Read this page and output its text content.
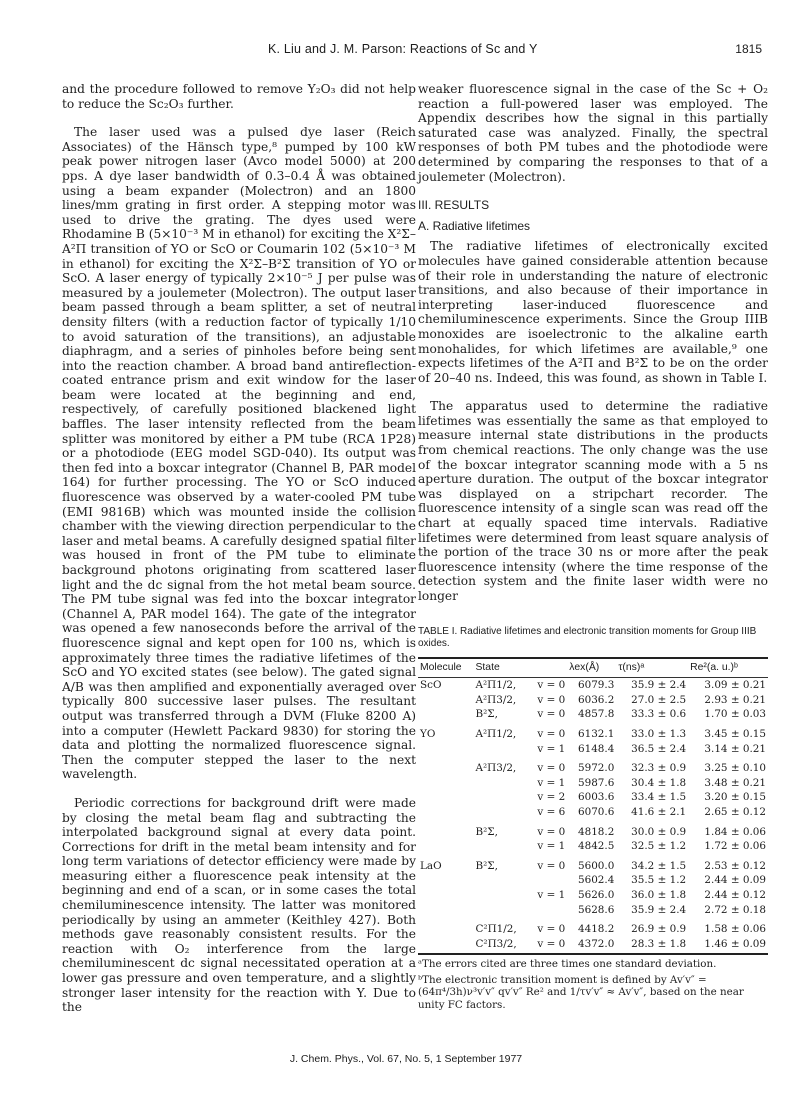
K. Liu and J. M. Parson: Reactions of Sc and Y	1815

and the procedure followed to remove Y₂O₃ did not help to reduce the Sc₂O₃ further.

The laser used was a pulsed dye laser (Reich Associates) of the Hänsch type,⁸ pumped by 100 kW peak power nitrogen laser (Avco model 5000) at 200 pps. A dye laser bandwidth of 0.3–0.4 Å was obtained using a beam expander (Molectron) and an 1800 lines/mm grating in first order. A stepping motor was used to drive the grating. The dyes used were Rhodamine B (5×10⁻³ M in ethanol) for exciting the X²Σ–A²Π transition of YO or ScO or Coumarin 102 (5×10⁻³ M in ethanol) for exciting the X²Σ–B²Σ transition of YO or ScO. A laser energy of typically 2×10⁻⁵ J per pulse was measured by a joulemeter (Molectron). The output laser beam passed through a beam splitter, a set of neutral density filters (with a reduction factor of typically 1/10 to avoid saturation of the transitions), an adjustable diaphragm, and a series of pinholes before being sent into the reaction chamber. A broad band antireflection-coated entrance prism and exit window for the laser beam were located at the beginning and end, respectively, of carefully positioned blackened light baffles. The laser intensity reflected from the beam splitter was monitored by either a PM tube (RCA 1P28) or a photodiode (EEG model SGD-040). Its output was then fed into a boxcar integrator (Channel B, PAR model 164) for further processing. The YO or ScO induced fluorescence was observed by a water-cooled PM tube (EMI 9816B) which was mounted inside the collision chamber with the viewing direction perpendicular to the laser and metal beams. A carefully designed spatial filter was housed in front of the PM tube to eliminate background photons originating from scattered laser light and the dc signal from the hot metal beam source. The PM tube signal was fed into the boxcar integrator (Channel A, PAR model 164). The gate of the integrator was opened a few nanoseconds before the arrival of the fluorescence signal and kept open for 100 ns, which is approximately three times the radiative lifetimes of the ScO and YO excited states (see below). The gated signal A/B was then amplified and exponentially averaged over typically 800 successive laser pulses. The resultant output was transferred through a DVM (Fluke 8200 A) into a computer (Hewlett Packard 9830) for storing the data and plotting the normalized fluorescence signal. Then the computer stepped the laser to the next wavelength.

Periodic corrections for background drift were made by closing the metal beam flag and subtracting the interpolated background signal at every data point. Corrections for drift in the metal beam intensity and for long term variations of detector efficiency were made by measuring either a fluorescence peak intensity at the beginning and end of a scan, or in some cases the total chemiluminescence intensity. The latter was monitored periodically by using an ammeter (Keithley 427). Both methods gave reasonably consistent results. For the reaction with O₂ interference from the large chemiluminescent dc signal necessitated operation at a lower gas pressure and oven temperature, and a slightly stronger laser intensity for the reaction with Y. Due to the

weaker fluorescence signal in the case of the Sc + O₂ reaction a full-powered laser was employed. The Appendix describes how the signal in this partially saturated case was analyzed. Finally, the spectral responses of both PM tubes and the photodiode were determined by comparing the responses to that of a joulemeter (Molectron).

III. RESULTS
A. Radiative lifetimes

The radiative lifetimes of electronically excited molecules have gained considerable attention because of their role in understanding the nature of electronic transitions, and also because of their importance in interpreting laser-induced fluorescence and chemiluminescence experiments. Since the Group IIIB monoxides are isoelectronic to the alkaline earth monohalides, for which lifetimes are available,⁹ one expects lifetimes of the A²Π and B²Σ to be on the order of 20–40 ns. Indeed, this was found, as shown in Table I.

The apparatus used to determine the radiative lifetimes was essentially the same as that employed to measure internal state distributions in the products from chemical reactions. The only change was the use of the boxcar integrator scanning mode with a 5 ns aperture duration. The output of the boxcar integrator was displayed on a stripchart recorder. The fluorescence intensity of a single scan was read off the chart at equally spaced time intervals. Radiative lifetimes were determined from least square analysis of the portion of the trace 30 ns or more after the peak fluorescence intensity (where the time response of the detection system and the finite laser width were no longer

TABLE I. Radiative lifetimes and electronic transition moments for Group IIIB oxides.
Molecule	State		λex(Å)	τ(ns)ᵃ	Re²(a. u.)ᵇ
ScO	A²Π1/2,	v = 0	6079.3	35.9 ± 2.4	3.09 ± 0.21
	A²Π3/2,	v = 0	6036.2	27.0 ± 2.5	2.93 ± 0.21
	B²Σ,	v = 0	4857.8	33.3 ± 0.6	1.70 ± 0.03
YO	A²Π1/2,	v = 0	6132.1	33.0 ± 1.3	3.45 ± 0.15
		v = 1	6148.4	36.5 ± 2.4	3.14 ± 0.21
	A²Π3/2,	v = 0	5972.0	32.3 ± 0.9	3.25 ± 0.10
		v = 1	5987.6	30.4 ± 1.8	3.48 ± 0.21
		v = 2	6003.6	33.4 ± 1.5	3.20 ± 0.15
		v = 6	6070.6	41.6 ± 2.1	2.65 ± 0.12
	B²Σ,	v = 0	4818.2	30.0 ± 0.9	1.84 ± 0.06
		v = 1	4842.5	32.5 ± 1.2	1.72 ± 0.06
LaO	B²Σ,	v = 0	5600.0	34.2 ± 1.5	2.53 ± 0.12
			5602.4	35.5 ± 1.2	2.44 ± 0.09
		v = 1	5626.0	36.0 ± 1.8	2.44 ± 0.12
			5628.6	35.9 ± 2.4	2.72 ± 0.18
	C²Π1/2,	v = 0	4418.2	26.9 ± 0.9	1.58 ± 0.06
	C²Π3/2,	v = 0	4372.0	28.3 ± 1.8	1.46 ± 0.09
ᵃThe errors cited are three times one standard deviation.
ᵇThe electronic transition moment is defined by Av′v″ = (64π⁴/3h)ν³v′v″ qv′v″ Re² and 1/τv′v″ ≈ Av′v″, based on the near unity FC factors.
J. Chem. Phys., Vol. 67, No. 5, 1 September 1977
